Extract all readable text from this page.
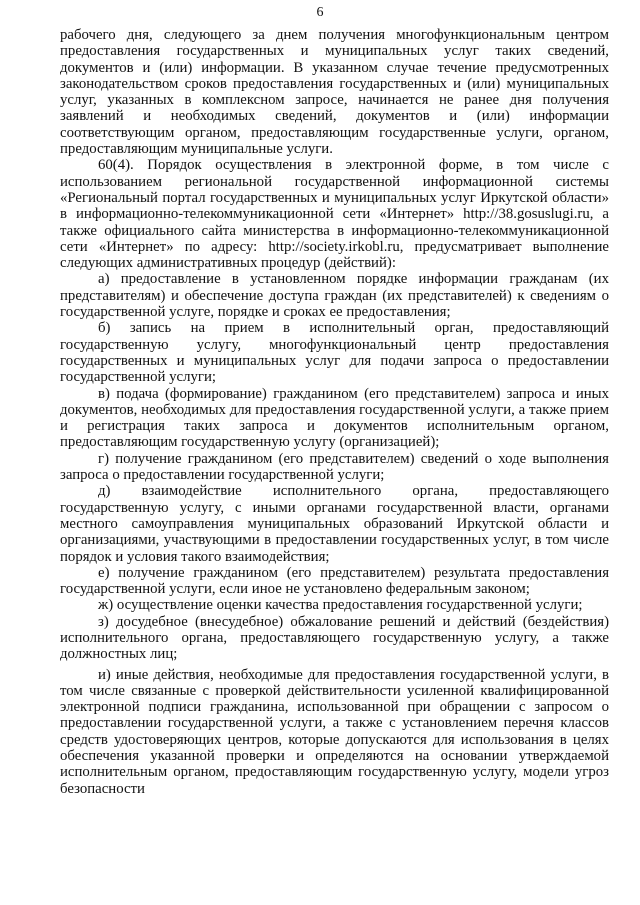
6

рабочего дня, следующего за днем получения многофункциональным центром предоставления государственных и муниципальных услуг таких сведений, документов и (или) информации. В указанном случае течение предусмотренных законодательством сроков предоставления государственных и (или) муниципальных услуг, указанных в комплексном запросе, начинается не ранее дня получения заявлений и необходимых сведений, документов и (или) информации соответствующим органом, предоставляющим государственные услуги, органом, предоставляющим муниципальные услуги.

60(4). Порядок осуществления в электронной форме, в том числе с использованием региональной государственной информационной системы «Региональный портал государственных и муниципальных услуг Иркутской области» в информационно-телекоммуникационной сети «Интернет» http://38.gosuslugi.ru, а также официального сайта министерства в информационно-телекоммуникационной сети «Интернет» по адресу: http://society.irkobl.ru, предусматривает выполнение следующих административных процедур (действий):

а) предоставление в установленном порядке информации гражданам (их представителям) и обеспечение доступа граждан (их представителей) к сведениям о государственной услуге, порядке и сроках ее предоставления;

б) запись на прием в исполнительный орган, предоставляющий государственную услугу, многофункциональный центр предоставления государственных и муниципальных услуг для подачи запроса о предоставлении государственной услуги;

в) подача (формирование) гражданином (его представителем) запроса и иных документов, необходимых для предоставления государственной услуги, а также прием и регистрация таких запроса и документов исполнительным органом, предоставляющим государственную услугу (организацией);

г) получение гражданином (его представителем) сведений о ходе выполнения запроса о предоставлении государственной услуги;

д) взаимодействие исполнительного органа, предоставляющего государственную услугу, с иными органами государственной власти, органами местного самоуправления муниципальных образований Иркутской области и организациями, участвующими в предоставлении государственных услуг, в том числе порядок и условия такого взаимодействия;

е) получение гражданином (его представителем) результата предоставления государственной услуги, если иное не установлено федеральным законом;

ж) осуществление оценки качества предоставления государственной услуги;

з) досудебное (внесудебное) обжалование решений и действий (бездействия) исполнительного органа, предоставляющего государственную услугу, а также должностных лиц;

и) иные действия, необходимые для предоставления государственной услуги, в том числе связанные с проверкой действительности усиленной квалифицированной электронной подписи гражданина, использованной при обращении с запросом о предоставлении государственной услуги, а также с установлением перечня классов средств удостоверяющих центров, которые допускаются для использования в целях обеспечения указанной проверки и определяются на основании утверждаемой исполнительным органом, предоставляющим государственную услугу, модели угроз безопасности
